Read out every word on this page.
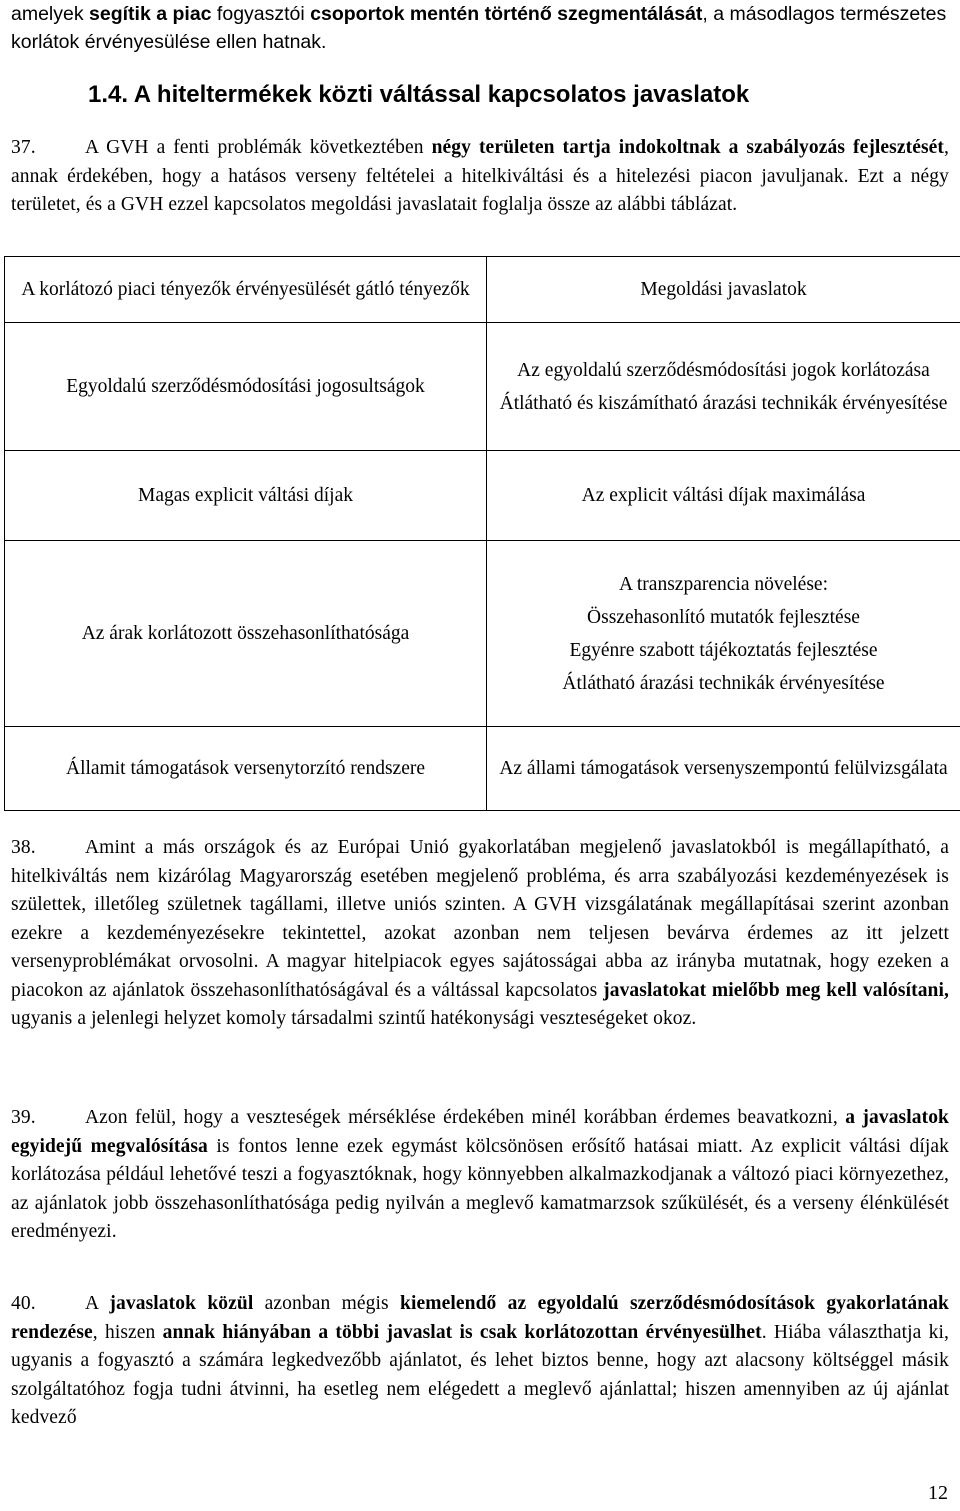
amelyek segítik a piac fogyasztói csoportok mentén történő szegmentálását, a másodlagos természetes korlátok érvényesülése ellen hatnak.
1.4. A hiteltermékek közti váltással kapcsolatos javaslatok
37.	A GVH a fenti problémák következtében négy területen tartja indokoltnak a szabályozás fejlesztését, annak érdekében, hogy a hatásos verseny feltételei a hitelkiváltási és a hitelezési piacon javuljanak. Ezt a négy területet, és a GVH ezzel kapcsolatos megoldási javaslatait foglalja össze az alábbi táblázat.
A korlátozó piaci tényezők érvényesülését gátló tényezők	Megoldási javaslatok
Egyoldalú szerződésmódosítási jogosultságok	Az egyoldalú szerződésmódosítási jogok korlátozása
Átlátható és kiszámítható árazási technikák érvényesítése

Magas explicit váltási díjak	Az explicit váltási díjak maximálása

Az árak korlátozott összehasonlíthatósága	A transzparencia növelése:
Összehasonlító mutatók fejlesztése
Egyénre szabott tájékoztatás fejlesztése
Átlátható árazási technikák érvényesítése

Államit támogatások versenytorzító rendszere	Az állami támogatások versenyszempontú felülvizsgálata
38.	Amint a más országok és az Európai Unió gyakorlatában megjelenő javaslatokból is megállapítható, a hitelkiváltás nem kizárólag Magyarország esetében megjelenő probléma, és arra szabályozási kezdeményezések is születtek, illetőleg születnek tagállami, illetve uniós szinten. A GVH vizsgálatának megállapításai szerint azonban ezekre a kezdeményezésekre tekintettel, azokat azonban nem teljesen bevárva érdemes az itt jelzett versenyproblémákat orvosolni. A magyar hitelpiacok egyes sajátosságai abba az irányba mutatnak, hogy ezeken a piacokon az ajánlatok összehasonlíthatóságával és a váltással kapcsolatos javaslatokat mielőbb meg kell valósítani, ugyanis a jelenlegi helyzet komoly társadalmi szintű hatékonysági veszteségeket okoz.
39.	Azon felül, hogy a veszteségek mérséklése érdekében minél korábban érdemes beavatkozni, a javaslatok egyidejű megvalósítása is fontos lenne ezek egymást kölcsönösen erősítő hatásai miatt. Az explicit váltási díjak korlátozása például lehetővé teszi a fogyasztóknak, hogy könnyebben alkalmazkodjanak a változó piaci környezethez, az ajánlatok jobb összehasonlíthatósága pedig nyilván a meglevő kamatmarzsok szűkülését, és a verseny élénkülését eredményezi.
40.	A javaslatok közül azonban mégis kiemelendő az egyoldalú szerződésmódosítások gyakorlatának rendezése, hiszen annak hiányában a többi javaslat is csak korlátozottan érvényesülhet. Hiába választhatja ki, ugyanis a fogyasztó a számára legkedvezőbb ajánlatot, és lehet biztos benne, hogy azt alacsony költséggel másik szolgáltatóhoz fogja tudni átvinni, ha esetleg nem elégedett a meglevő ajánlattal; hiszen amennyiben az új ajánlat kedvező
12
